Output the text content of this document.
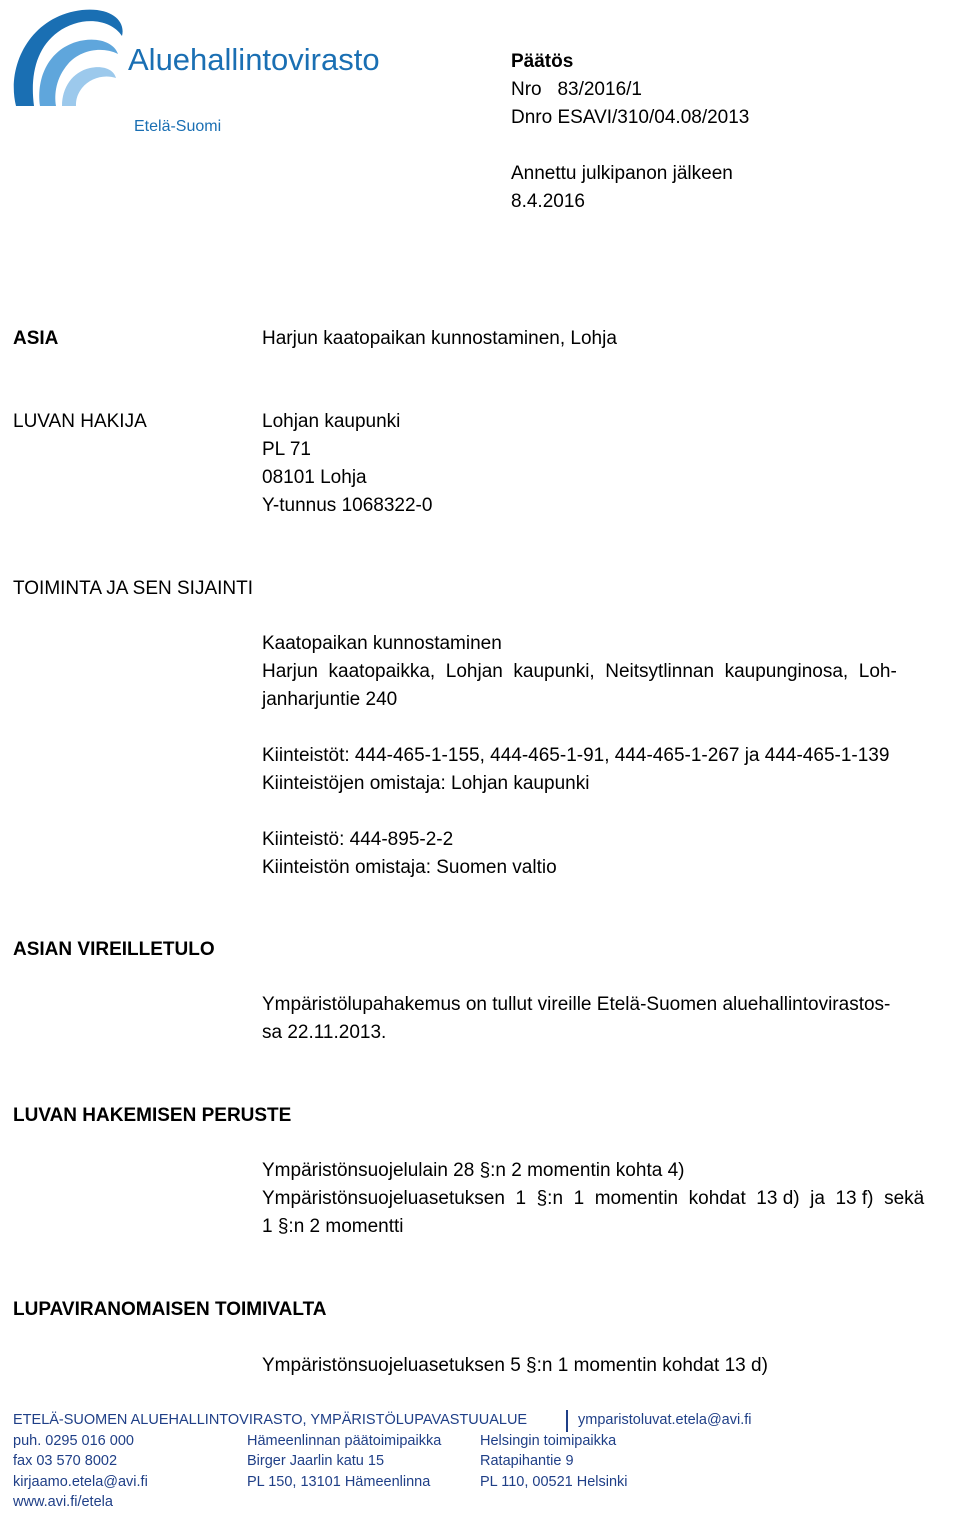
Aluehallintovirasto
Etelä-Suomi
Päätös
Nro   83/2016/1
Dnro ESAVI/310/04.08/2013
Annettu julkipanon jälkeen
8.4.2016
ASIA	Harjun kaatopaikan kunnostaminen, Lohja
LUVAN HAKIJA	Lohjan kaupunki
PL 71
08101 Lohja
Y-tunnus 1068322-0
TOIMINTA JA SEN SIJAINTI
Kaatopaikan kunnostaminen
Harjun  kaatopaikka,  Lohjan  kaupunki,  Neitsytlinnan  kaupunginosa,  Loh-
janharjuntie 240
Kiinteistöt: 444-465-1-155, 444-465-1-91, 444-465-1-267 ja 444-465-1-139
Kiinteistöjen omistaja: Lohjan kaupunki
Kiinteistö: 444-895-2-2
Kiinteistön omistaja: Suomen valtio
ASIAN VIREILLETULO
Ympäristölupahakemus on tullut vireille Etelä-Suomen aluehallintovirastos-
sa 22.11.2013.
LUVAN HAKEMISEN PERUSTE
Ympäristönsuojelulain 28 §:n 2 momentin kohta 4)
Ympäristönsuojeluasetuksen  1  §:n  1  momentin  kohdat  13 d)  ja  13 f)  sekä
1 §:n 2 momentti
LUPAVIRANOMAISEN TOIMIVALTA
Ympäristönsuojeluasetuksen 5 §:n 1 momentin kohdat 13 d)
ETELÄ-SUOMEN ALUEHALLINTOVIRASTO, YMPÄRISTÖLUPAVASTUUALUE	ymparistoluvat.etela@avi.fi
puh. 0295 016 000
fax 03 570 8002
kirjaamo.etela@avi.fi
www.avi.fi/etela
Hämeenlinnan päätoimipaikka
Birger Jaarlin katu 15
PL 150, 13101 Hämeenlinna
Helsingin toimipaikka
Ratapihantie 9
PL 110, 00521 Helsinki
